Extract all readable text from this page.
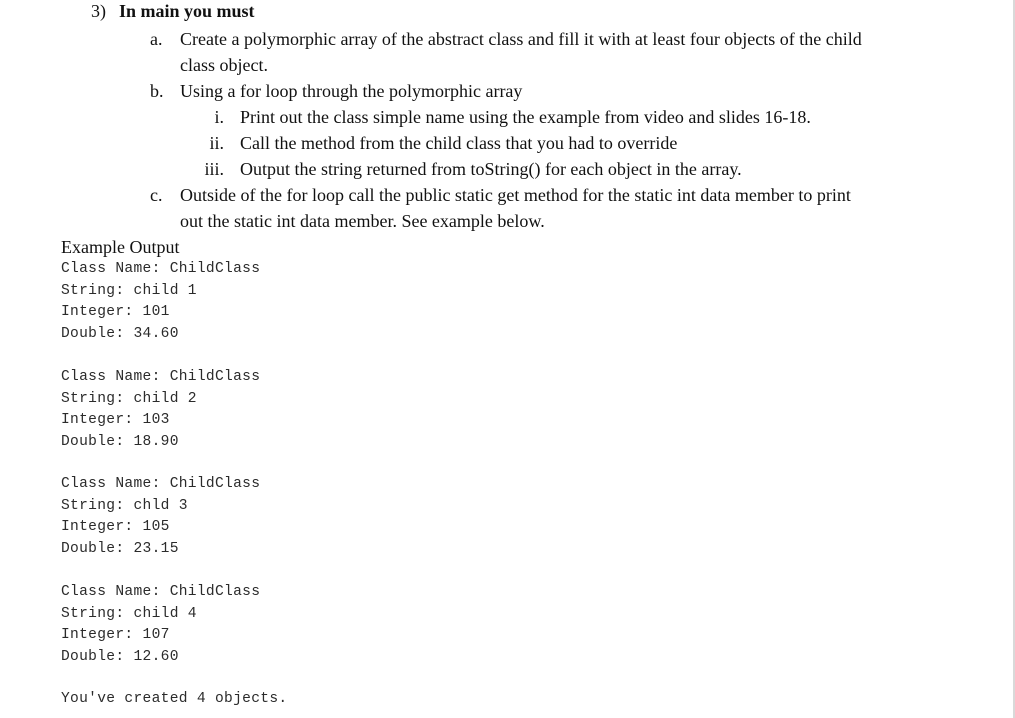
3) In main you must
a. Create a polymorphic array of the abstract class and fill it with at least four objects of the child
class object.
b. Using a for loop through the polymorphic array
i. Print out the class simple name using the example from video and slides 16-18.
ii. Call the method from the child class that you had to override
iii. Output the string returned from toString() for each object in the array.
c. Outside of the for loop call the public static get method for the static int data member to print
out the static int data member. See example below.
Example Output
Class Name: ChildClass
String: child 1
Integer: 101
Double: 34.60
Class Name: ChildClass
String: child 2
Integer: 103
Double: 18.90
Class Name: ChildClass
String: chld 3
Integer: 105
Double: 23.15
Class Name: ChildClass
String: child 4
Integer: 107
Double: 12.60
You've created 4 objects.
